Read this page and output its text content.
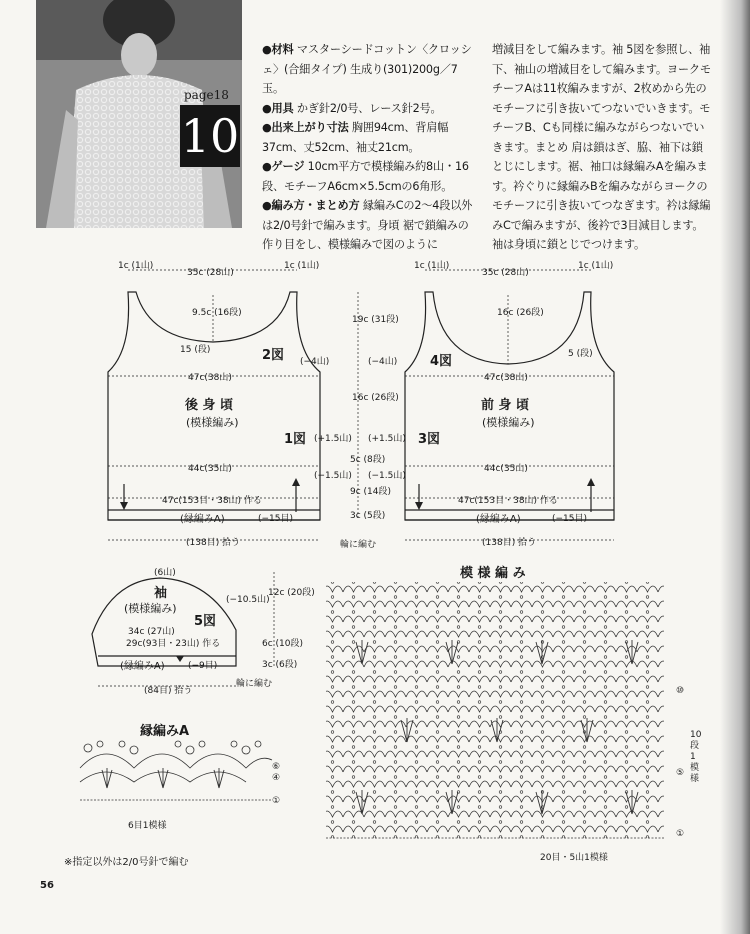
page18
10
●材料 マスターシードコットン〈クロッシェ〉(合細タイプ) 生成り(301)200g／7玉。
●用具 かぎ針2/0号、レース針2号。
●出来上がり寸法 胸囲94cm、背肩幅37cm、丈52cm、袖丈21cm。
●ゲージ 10cm平方で模様編み約8山・16段、モチーフA6cm×5.5cmの6角形。
●編み方・まとめ方 縁編みCの2〜4段以外は2/0号針で編みます。身頃 裾で鎖編みの作り目をし、模様編みで図のように
増減目をして編みます。袖 5図を参照し、袖下、袖山の増減目をして編みます。ヨークモチーフAは11枚編みますが、2枚めから先のモチーフに引き抜いてつないでいきます。モチーフB、Cも同様に編みながらつないでいきます。まとめ 肩は鎖はぎ、脇、袖下は鎖とじにします。裾、袖口は縁編みAを編みます。衿ぐりに縁編みBを編みながらヨークのモチーフに引き抜いてつなぎます。衿は縁編みCで編みますが、後衿で3目減目します。袖は身頃に鎖とじでつけます。
1c (1山)
35c (28山)
1c (1山)
9.5c (16段)
15 (段)	2図 (−4山)
47c(38山)
後 身 頃
(模様編み)
1図
44c(35山)
47c(153目・38山) 作る
(縁編みA)	(−15目)
(138目) 拾う
19c (31段)
16c (26段)
(+1.5山) (+1.5山)
5c (8段)
(−1.5山) (−1.5山)
9c (14段)
3c (5段)
輪に編む
1c (1山)
35c (28山)
1c (1山)
16c (26段)
5 (段)
(−4山)	4図
47c(38山)
前 身 頃
(模様編み)
3図
44c(35山)
47c(153目・38山) 作る
(縁編みA)	(−15目)
(138目) 拾う
(6山)
袖
(模様編み)
5図
(−10.5山)
12c (20段)
34c (27山)
29c(93目・23山) 作る	6c (10段)
(縁編みA)	(−9目)	3c (6段)
輪に編む
(84目) 拾う
縁編みA
⑥
④
①
6目1模様
模 様 編 み
⑩
⑤
①
10段1模様
20目・5山1模様
※指定以外は2/0号針で編む
56
